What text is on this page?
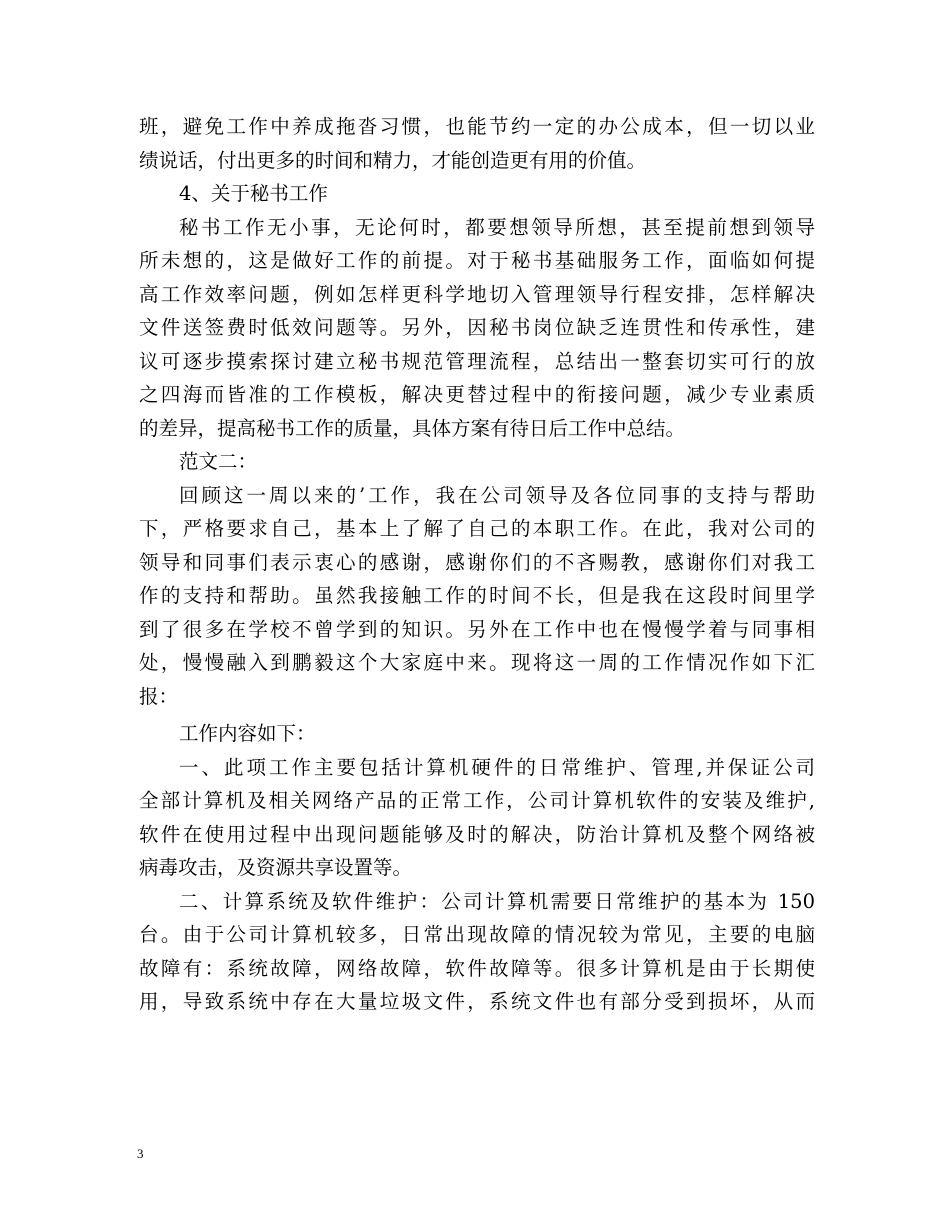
班，避免工作中养成拖沓习惯，也能节约一定的办公成本，但一切以业
绩说话，付出更多的时间和精力，才能创造更有用的价值。
4、关于秘书工作
秘书工作无小事，无论何时，都要想领导所想，甚至提前想到领导
所未想的，这是做好工作的前提。对于秘书基础服务工作，面临如何提
高工作效率问题，例如怎样更科学地切入管理领导行程安排，怎样解决
文件送签费时低效问题等。另外，因秘书岗位缺乏连贯性和传承性，建
议可逐步摸索探讨建立秘书规范管理流程，总结出一整套切实可行的放
之四海而皆准的工作模板，解决更替过程中的衔接问题，减少专业素质
的差异，提高秘书工作的质量，具体方案有待日后工作中总结。
范文二：
回顾这一周以来的’工作，我在公司领导及各位同事的支持与帮助
下，严格要求自己，基本上了解了自己的本职工作。在此，我对公司的
领导和同事们表示衷心的感谢，感谢你们的不吝赐教，感谢你们对我工
作的支持和帮助。虽然我接触工作的时间不长，但是我在这段时间里学
到了很多在学校不曾学到的知识。另外在工作中也在慢慢学着与同事相
处，慢慢融入到鹏毅这个大家庭中来。现将这一周的工作情况作如下汇
报：
工作内容如下：
一、此项工作主要包括计算机硬件的日常维护、管理,并保证公司
全部计算机及相关网络产品的正常工作，公司计算机软件的安装及维护,
软件在使用过程中出现问题能够及时的解决，防治计算机及整个网络被
病毒攻击，及资源共享设置等。
二、计算系统及软件维护：公司计算机需要日常维护的基本为 150
台。由于公司计算机较多，日常出现故障的情况较为常见，主要的电脑
故障有：系统故障，网络故障，软件故障等。很多计算机是由于长期使
用，导致系统中存在大量垃圾文件，系统文件也有部分受到损坏，从而
3
